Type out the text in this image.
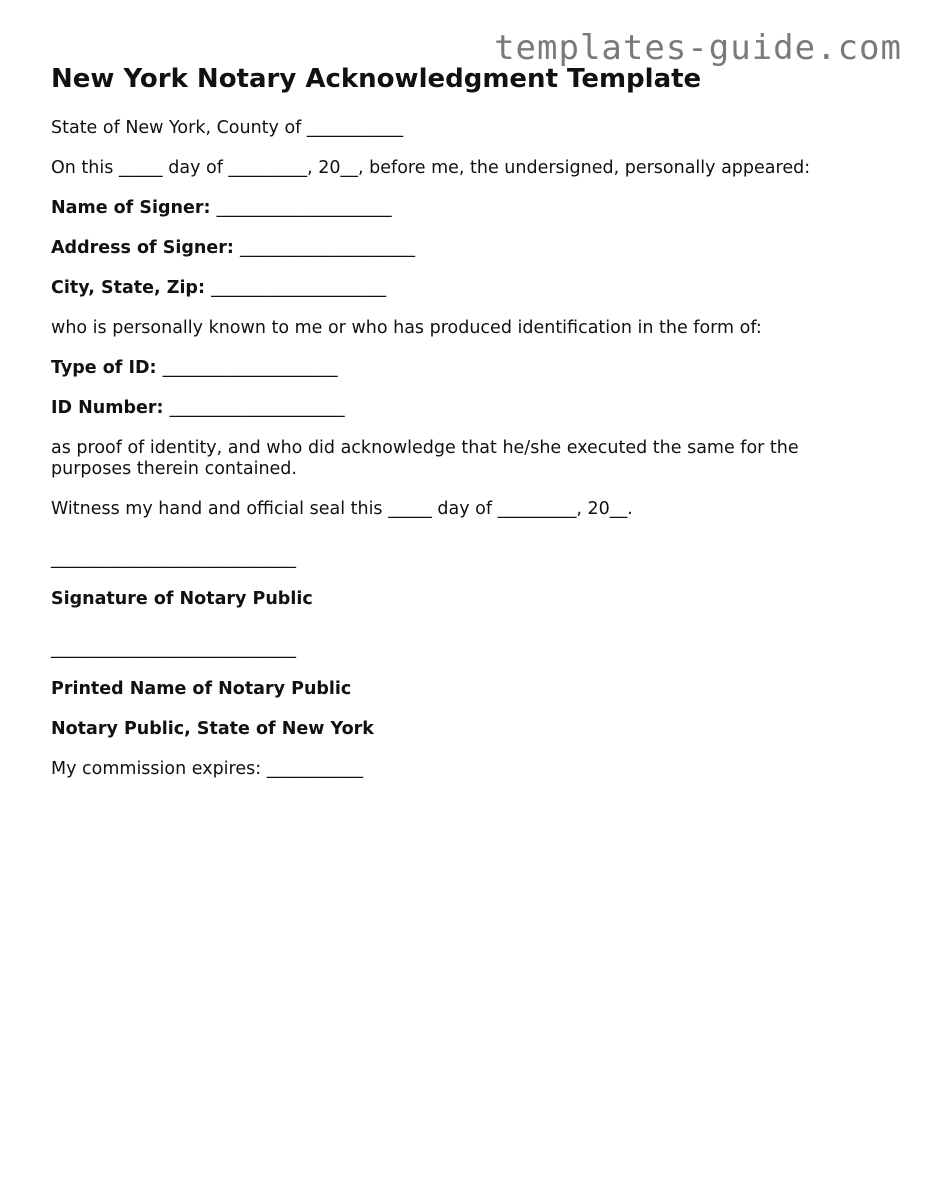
templates-guide.com
New York Notary Acknowledgment Template

State of New York, County of ___________

On this _____ day of _________, 20__, before me, the undersigned, personally appeared:

Name of Signer: ____________________

Address of Signer: ____________________

City, State, Zip: ____________________

who is personally known to me or who has produced identification in the form of:

Type of ID: ____________________

ID Number: ____________________

as proof of identity, and who did acknowledge that he/she executed the same for the purposes therein contained.

Witness my hand and official seal this _____ day of _________, 20__.

____________________________

Signature of Notary Public

____________________________

Printed Name of Notary Public

Notary Public, State of New York

My commission expires: ___________
